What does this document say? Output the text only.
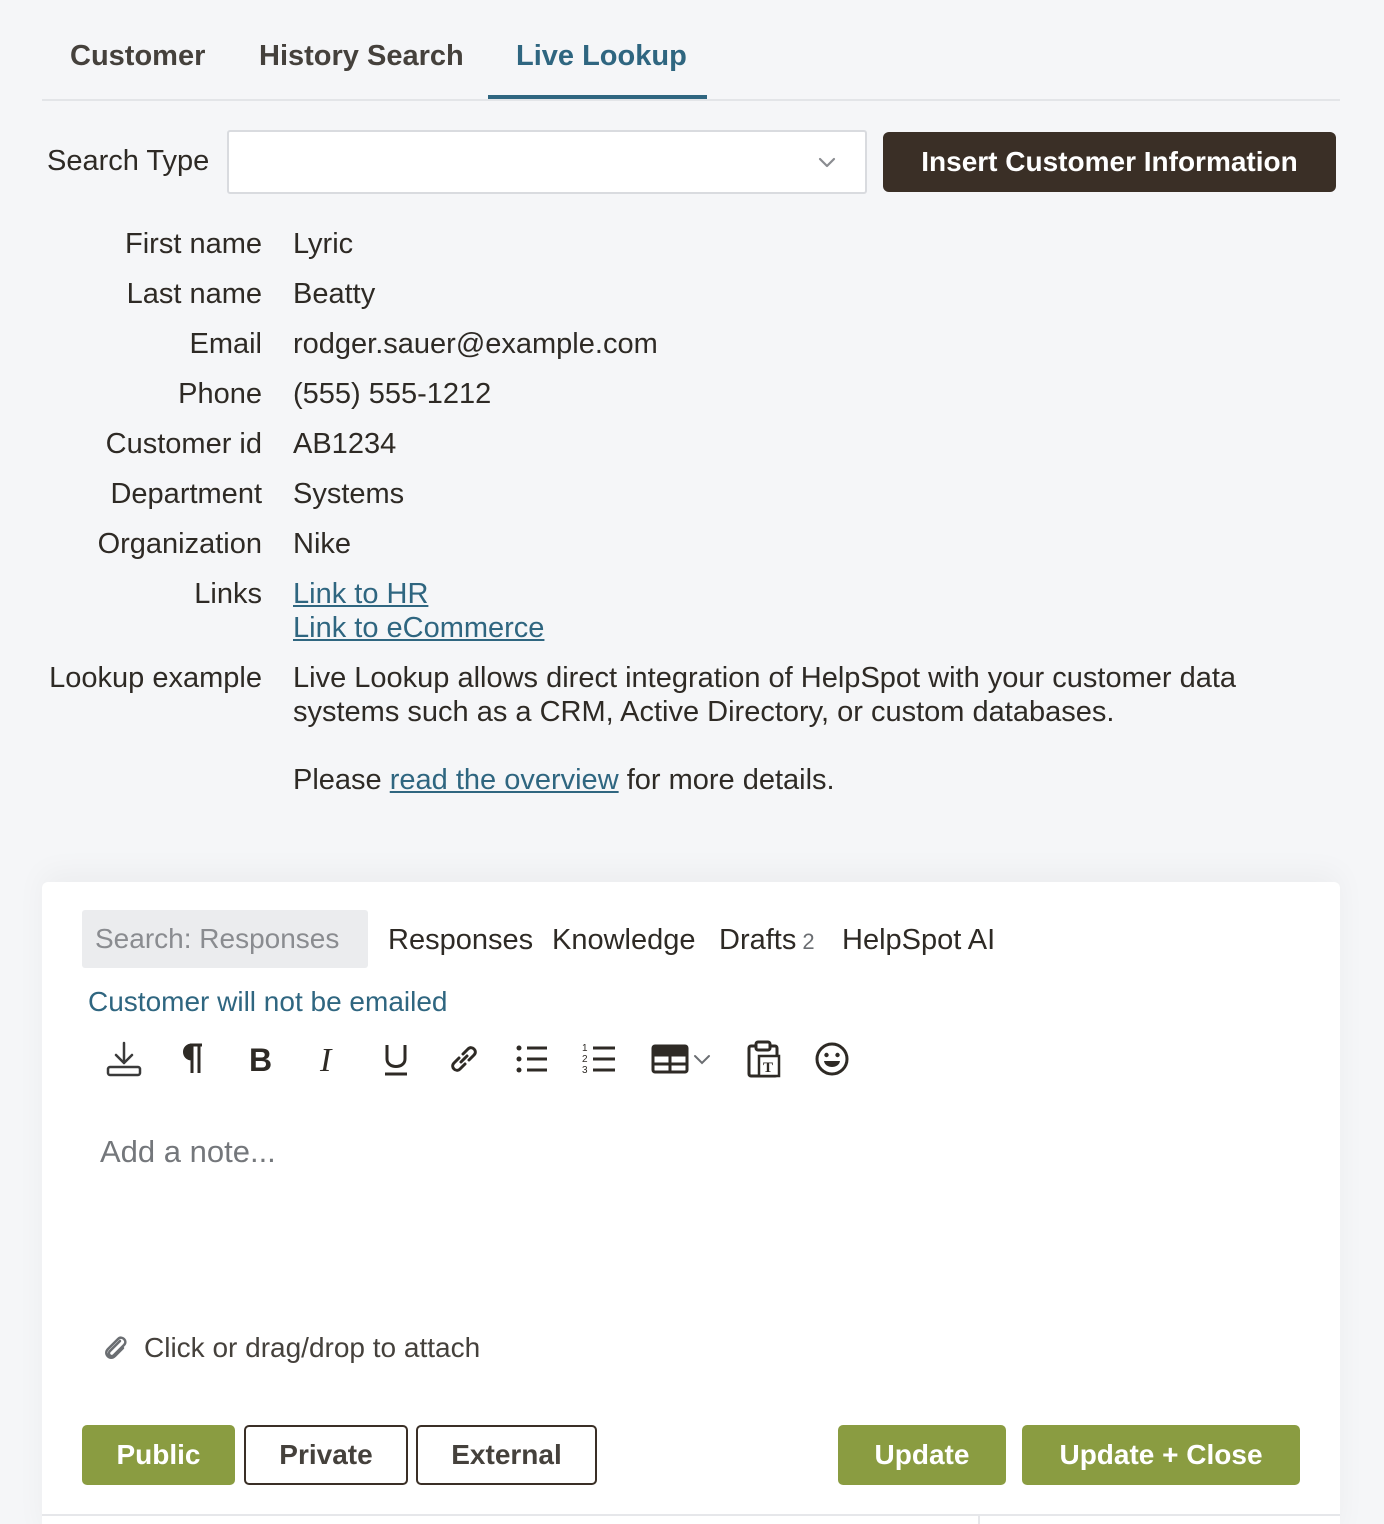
Customer History Search Live Lookup
Search Type	Insert Customer Information
First name Lyric
Last name Beatty
Email rodger.sauer@example.com
Phone (555) 555-1212
Customer id AB1234
Department Systems
Organization Nike
Links Link to HR
Link to eCommerce
Lookup example Live Lookup allows direct integration of HelpSpot with your customer data systems such as a CRM, Active Directory, or custom databases.
Please read the overview for more details.
Search: Responses
Responses Knowledge Drafts 2 HelpSpot AI
Customer will not be emailed
B I	1
2
3	T
Add a note...
Click or drag/drop to attach
Public	Private	External	Update	Update + Close
